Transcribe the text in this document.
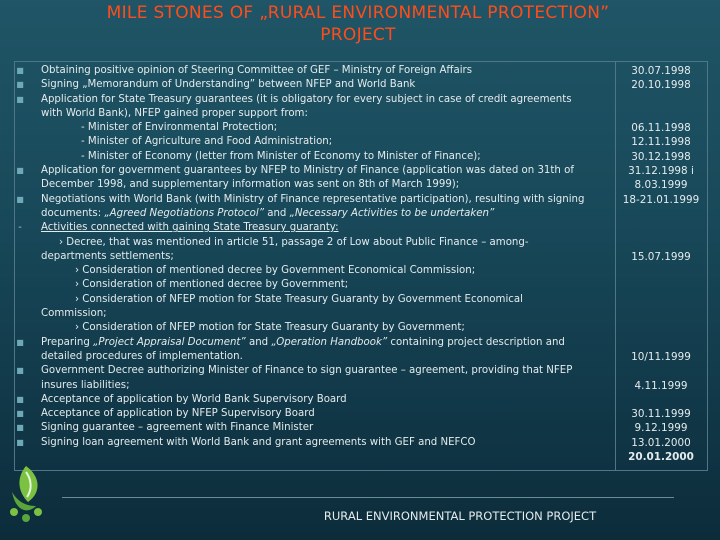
MILE STONES OF „RURAL ENVIRONMENTAL PROTECTION”
PROJECT
■ Obtaining positive opinion of Steering Committee of GEF – Ministry of Foreign Affairs
■ Signing „Memorandum of Understanding” between NFEP and World Bank
■ Application for State Treasury guarantees (it is obligatory for every subject in case of credit agreements with World Bank), NFEP gained proper support from:
- Minister of Environmental Protection;
- Minister of Agriculture and Food Administration;
- Minister of Economy (letter from Minister of Economy to Minister of Finance);
■ Application for government guarantees by NFEP to Ministry of Finance (application was dated on 31th of December 1998, and supplementary information was sent on 8th of March 1999);
■ Negotiations with World Bank (with Ministry of Finance representative participation), resulting with signing documents: „Agreed Negotiations Protocol” and „Necessary Activities to be undertaken”
-	Activities connected with gaining State Treasury guaranty:
› Decree, that was mentioned in article 51, passage 2 of Low about Public Finance – among-departments settlements;
› Consideration of mentioned decree by Government Economical Commission;
› Consideration of mentioned decree by Government;
› Consideration of NFEP motion for State Treasury Guaranty by Government Economical Commission;
› Consideration of NFEP motion for State Treasury Guaranty by Government;
■ Preparing „Project Appraisal Document” and „Operation Handbook” containing project description and detailed procedures of implementation.
■ Government Decree authorizing Minister of Finance to sign guarantee – agreement, providing that NFEP insures liabilities;
■ Acceptance of application by World Bank Supervisory Board
■ Acceptance of application by NFEP Supervisory Board
■ Signing guarantee – agreement with Finance Minister
■ Signing loan agreement with World Bank and grant agreements with GEF and NEFCO
30.07.1998
20.10.1998
06.11.1998
12.11.1998
30.12.1998
31.12.1998 i
8.03.1999
18-21.01.1999
15.07.1999
10/11.1999
4.11.1999
30.11.1999
9.12.1999
13.01.2000
20.01.2000
RURAL ENVIRONMENTAL PROTECTION PROJECT
